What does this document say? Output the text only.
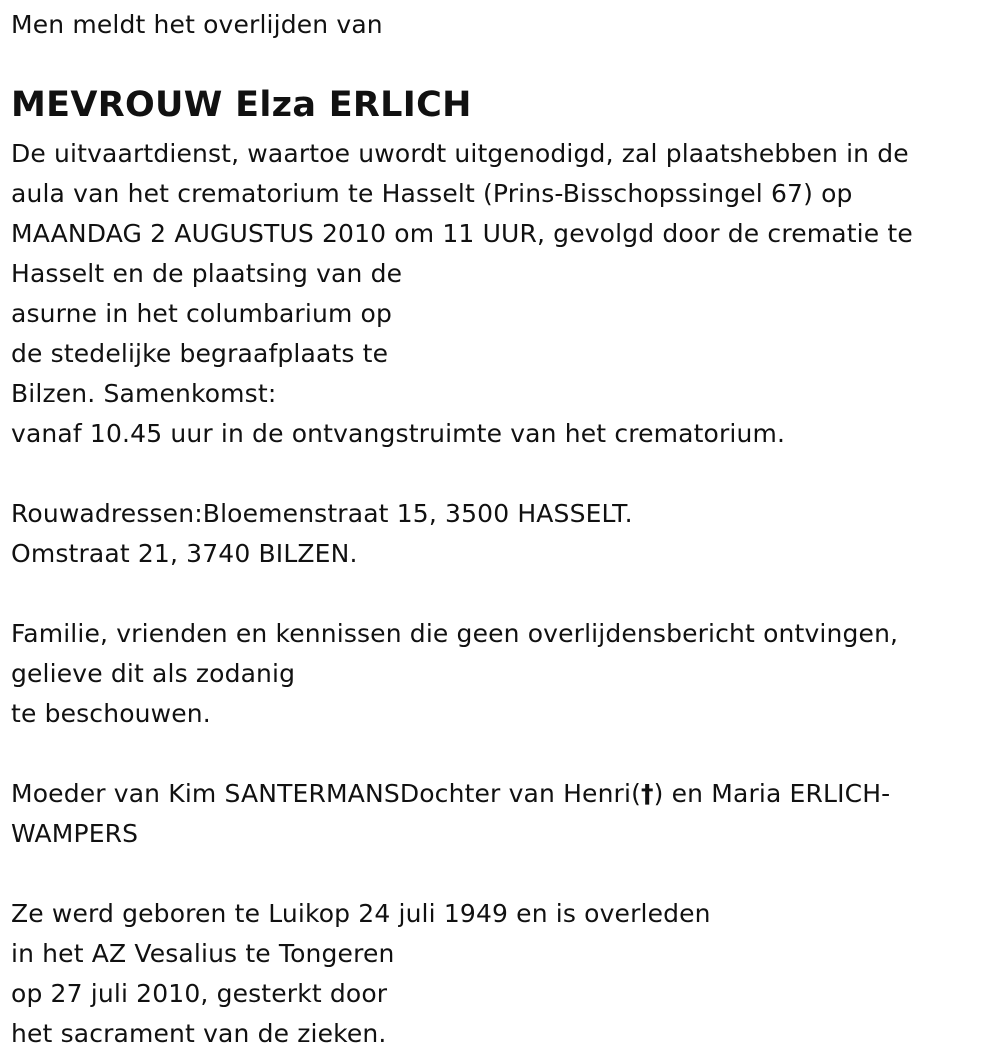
Men meldt het overlijden van
MEVROUW Elza ERLICH
De uitvaartdienst, waartoe uwordt uitgenodigd, zal plaatshebben in de
aula van het crematorium te Hasselt (Prins-Bisschopssingel 67) op
MAANDAG 2 AUGUSTUS 2010 om 11 UUR, gevolgd door de crematie te
Hasselt en de plaatsing van de
asurne in het columbarium op
de stedelijke begraafplaats te
Bilzen. Samenkomst:
vanaf 10.45 uur in de ontvangstruimte van het crematorium.
Rouwadressen:Bloemenstraat 15, 3500 HASSELT.
Omstraat 21, 3740 BILZEN.
Familie, vrienden en kennissen die geen overlijdensbericht ontvingen,
gelieve dit als zodanig
te beschouwen.
Moeder van Kim SANTERMANSDochter van Henri(†) en Maria ERLICH-
WAMPERS
Ze werd geboren te Luikop 24 juli 1949 en is overleden
in het AZ Vesalius te Tongeren
op 27 juli 2010, gesterkt door
het sacrament van de zieken.
